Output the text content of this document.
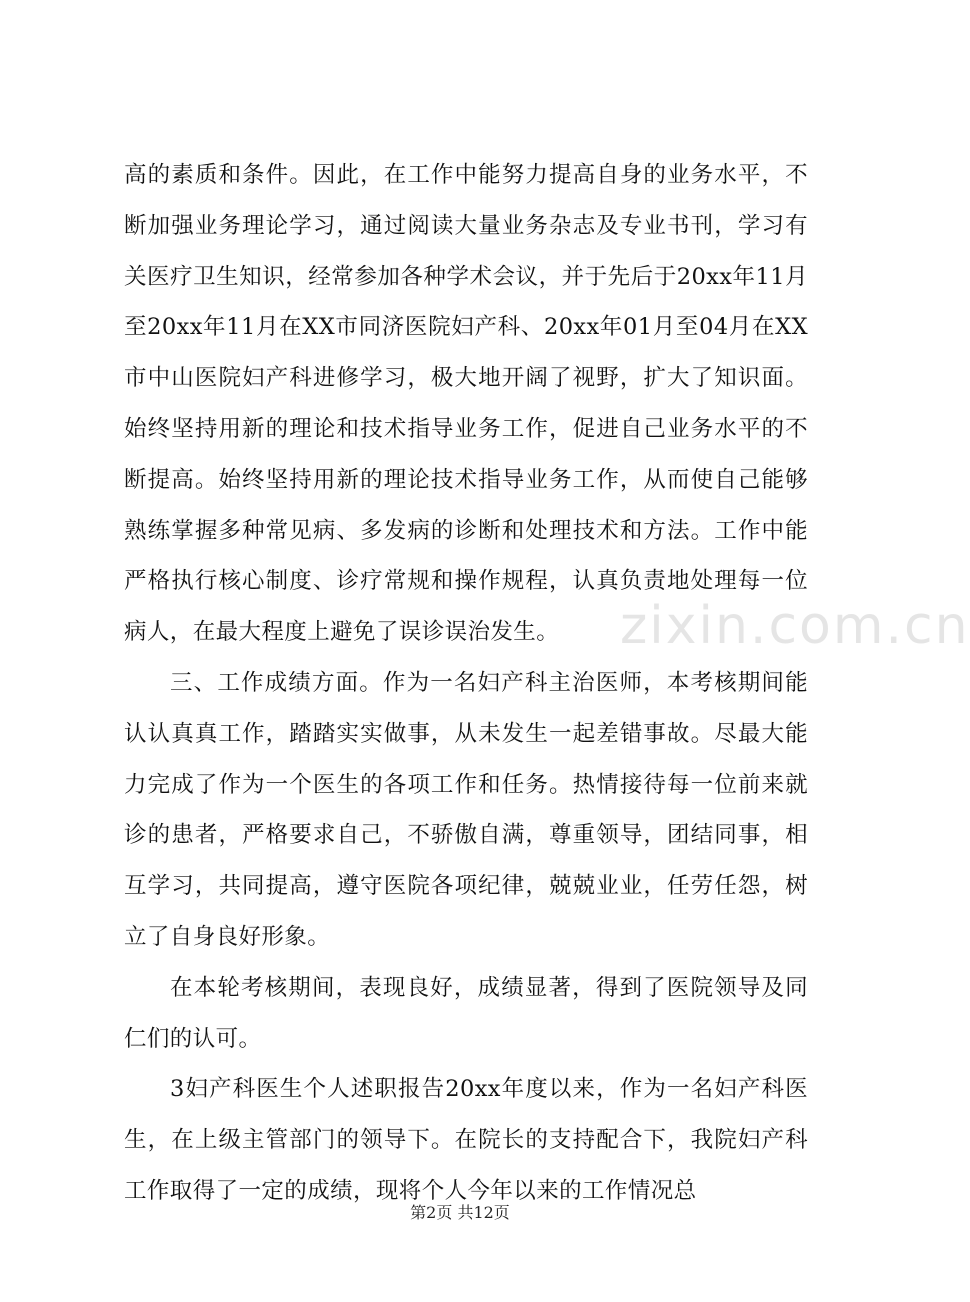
高的素质和条件。因此，在工作中能努力提高自身的业务水平，不断加强业务理论学习，通过阅读大量业务杂志及专业书刊，学习有关医疗卫生知识，经常参加各种学术会议，并于先后于20xx年11月至20xx年11月在XX市同济医院妇产科、20xx年01月至04月在XX市中山医院妇产科进修学习，极大地开阔了视野，扩大了知识面。始终坚持用新的理论和技术指导业务工作，促进自己业务水平的不断提高。始终坚持用新的理论技术指导业务工作，从而使自己能够熟练掌握多种常见病、多发病的诊断和处理技术和方法。工作中能严格执行核心制度、诊疗常规和操作规程，认真负责地处理每一位病人，在最大程度上避免了误诊误治发生。

三、工作成绩方面。作为一名妇产科主治医师，本考核期间能认认真真工作，踏踏实实做事，从未发生一起差错事故。尽最大能力完成了作为一个医生的各项工作和任务。热情接待每一位前来就诊的患者，严格要求自己，不骄傲自满，尊重领导，团结同事，相互学习，共同提高，遵守医院各项纪律，兢兢业业，任劳任怨，树立了自身良好形象。

在本轮考核期间，表现良好，成绩显著，得到了医院领导及同仁们的认可。

3妇产科医生个人述职报告20xx年度以来，作为一名妇产科医生，在上级主管部门的领导下。在院长的支持配合下，我院妇产科工作取得了一定的成绩，现将个人今年以来的工作情况总

zixin.com.cn
第2页 共12页
